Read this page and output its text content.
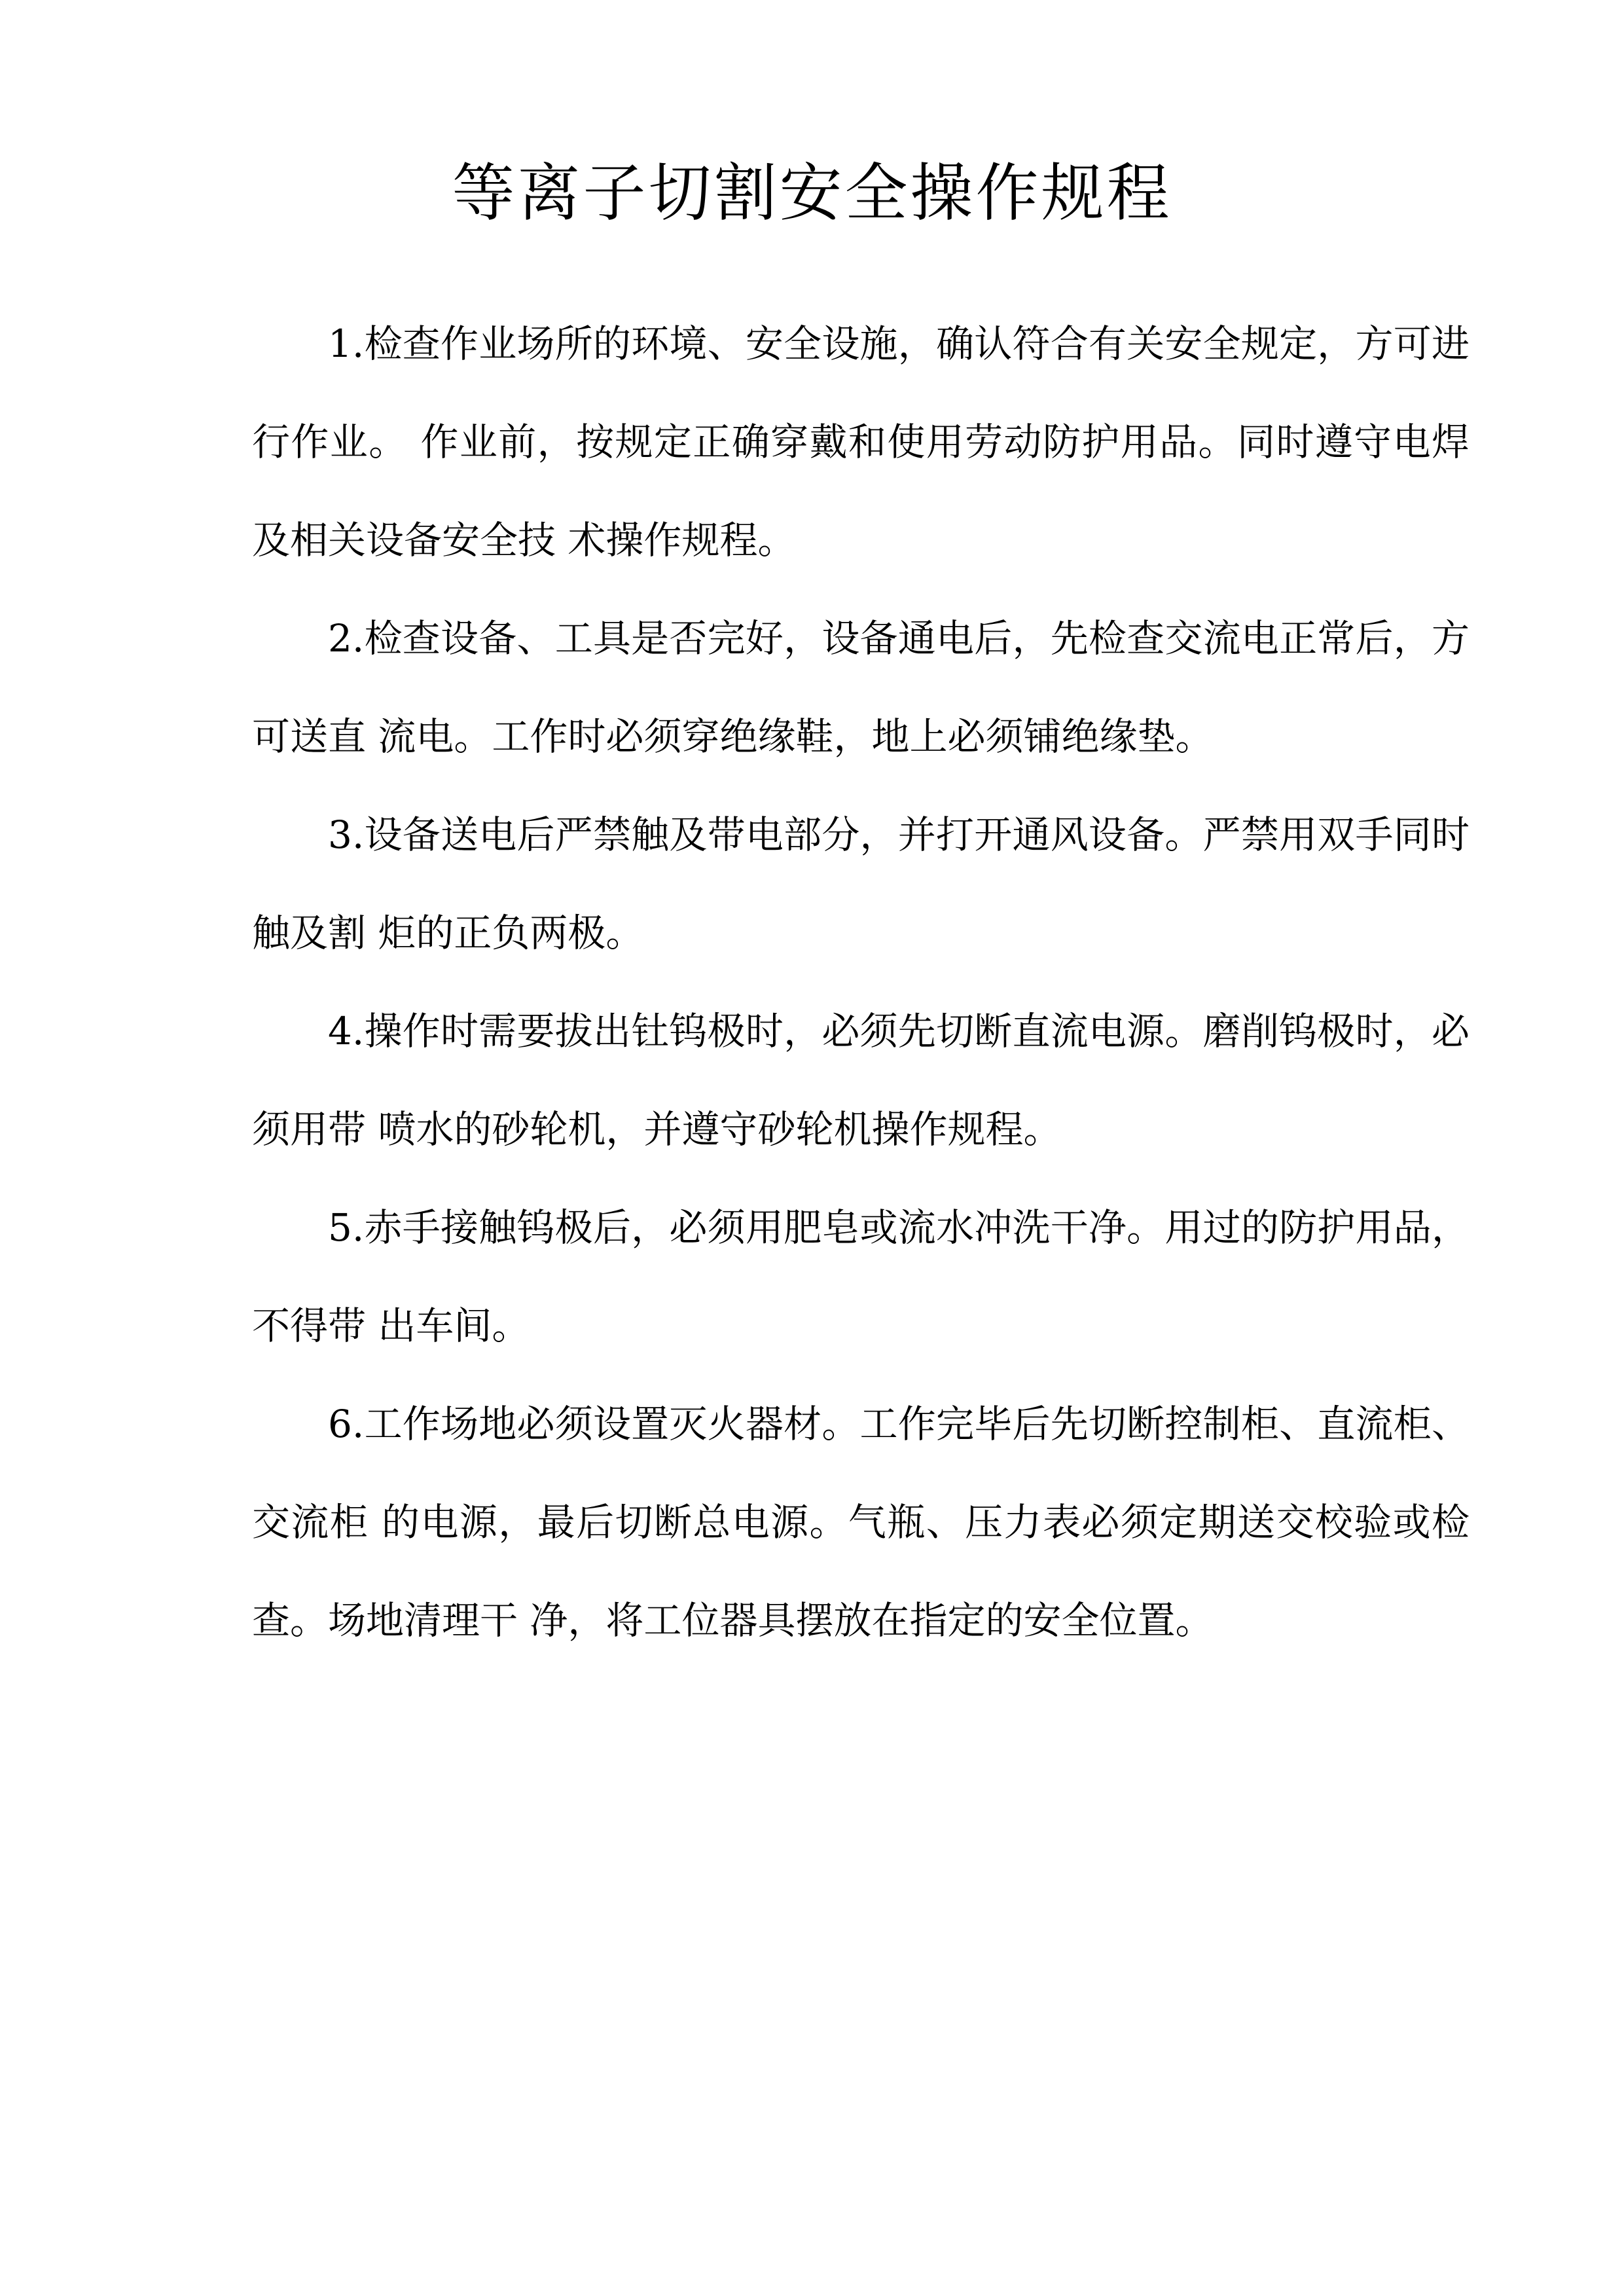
等离子切割安全操作规程

1.检查作业场所的环境、安全设施，确认符合有关安全规定，方可进行作业。 作业前，按规定正确穿戴和使用劳动防护用品。同时遵守电焊及相关设备安全技 术操作规程。

2.检查设备、工具是否完好，设备通电后，先检查交流电正常后，方可送直 流电。工作时必须穿绝缘鞋，地上必须铺绝缘垫。

3.设备送电后严禁触及带电部分，并打开通风设备。严禁用双手同时触及割 炬的正负两极。

4.操作时需要拔出钍钨极时，必须先切断直流电源。磨削钨极时，必须用带 喷水的砂轮机，并遵守砂轮机操作规程。

5.赤手接触钨极后，必须用肥皂或流水冲洗干净。用过的防护用品，不得带 出车间。

6.工作场地必须设置灭火器材。工作完毕后先切断控制柜、直流柜、交流柜 的电源，最后切断总电源。气瓶、压力表必须定期送交校验或检查。场地清理干 净，将工位器具摆放在指定的安全位置。
